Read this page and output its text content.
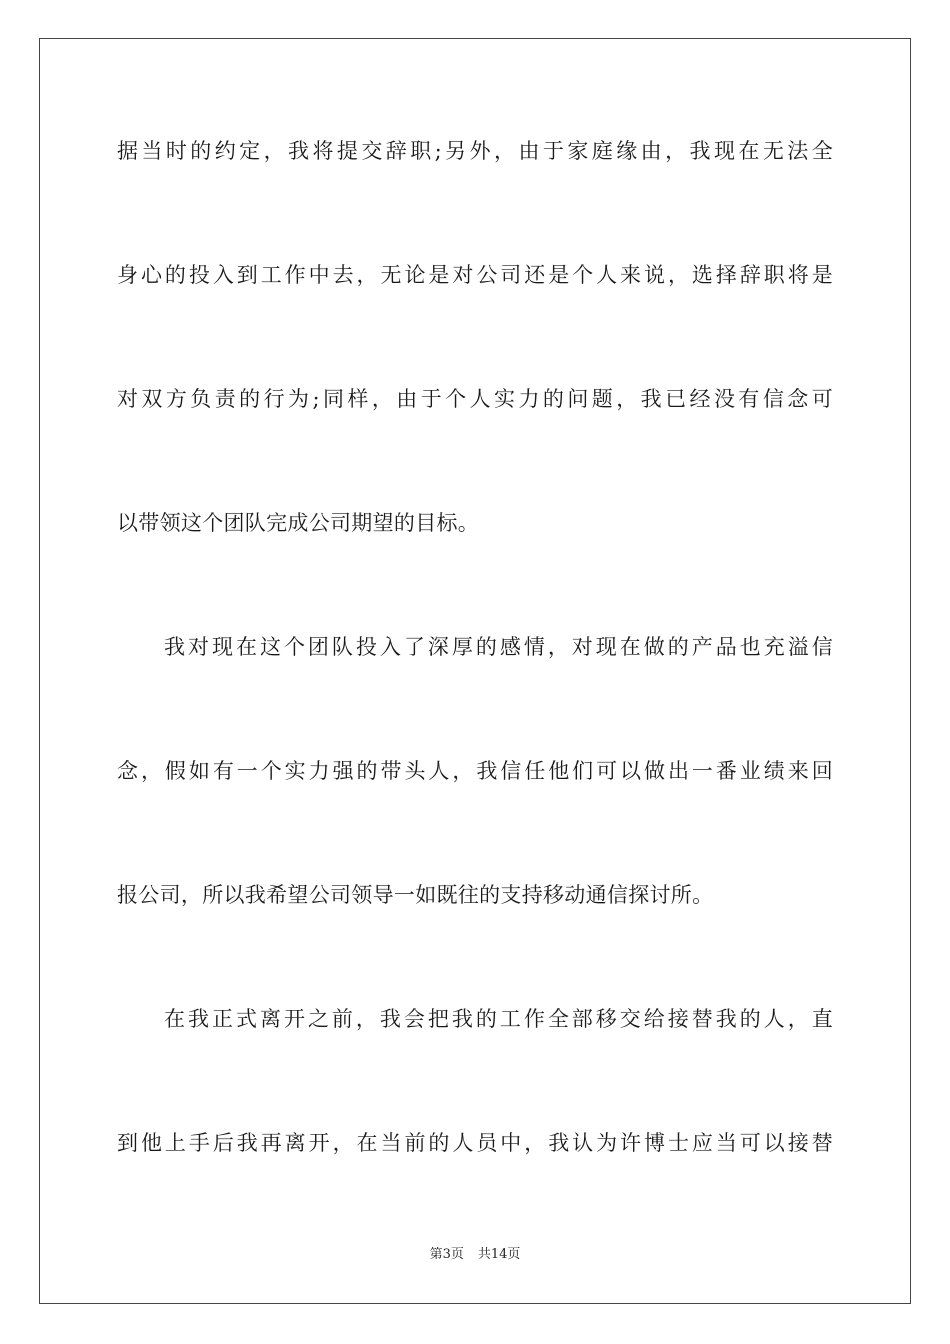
据当时的约定，我将提交辞职;另外，由于家庭缘由，我现在无法全
身心的投入到工作中去，无论是对公司还是个人来说，选择辞职将是
对双方负责的行为;同样，由于个人实力的问题，我已经没有信念可
以带领这个团队完成公司期望的目标。
我对现在这个团队投入了深厚的感情，对现在做的产品也充溢信
念，假如有一个实力强的带头人，我信任他们可以做出一番业绩来回
报公司，所以我希望公司领导一如既往的支持移动通信探讨所。
在我正式离开之前，我会把我的工作全部移交给接替我的人，直
到他上手后我再离开，在当前的人员中，我认为许博士应当可以接替
第3页 共14页
